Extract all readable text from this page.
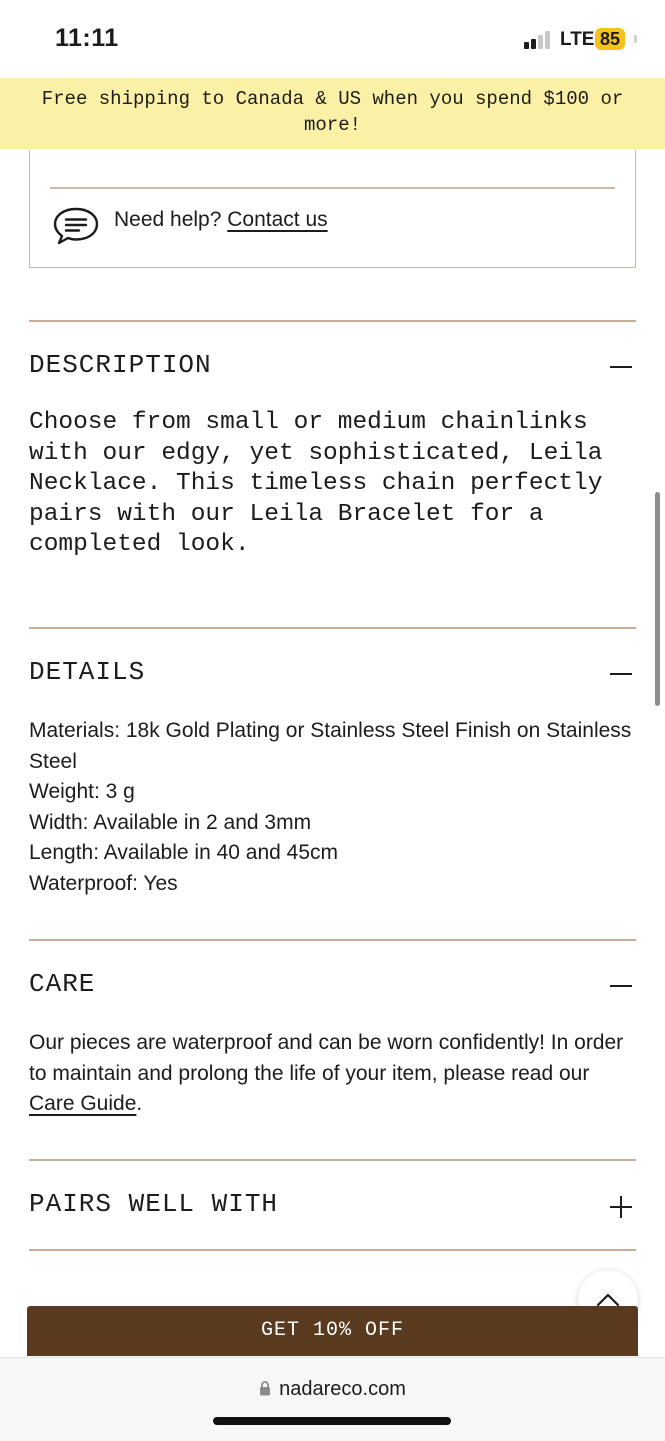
11:11	LTE 85
Free shipping to Canada & US when you spend $100 or more!
Need help? Contact us
DESCRIPTION
Choose from small or medium chainlinks with our edgy, yet sophisticated, Leila Necklace. This timeless chain perfectly pairs with our Leila Bracelet for a completed look.
DETAILS
Materials: 18k Gold Plating or Stainless Steel Finish on Stainless Steel
Weight: 3 g
Width: Available in 2 and 3mm
Length: Available in 40 and 45cm
Waterproof: Yes
CARE
Our pieces are waterproof and can be worn confidently! In order to maintain and prolong the life of your item, please read our Care Guide.
PAIRS WELL WITH
GET 10% OFF
nadareco.com
